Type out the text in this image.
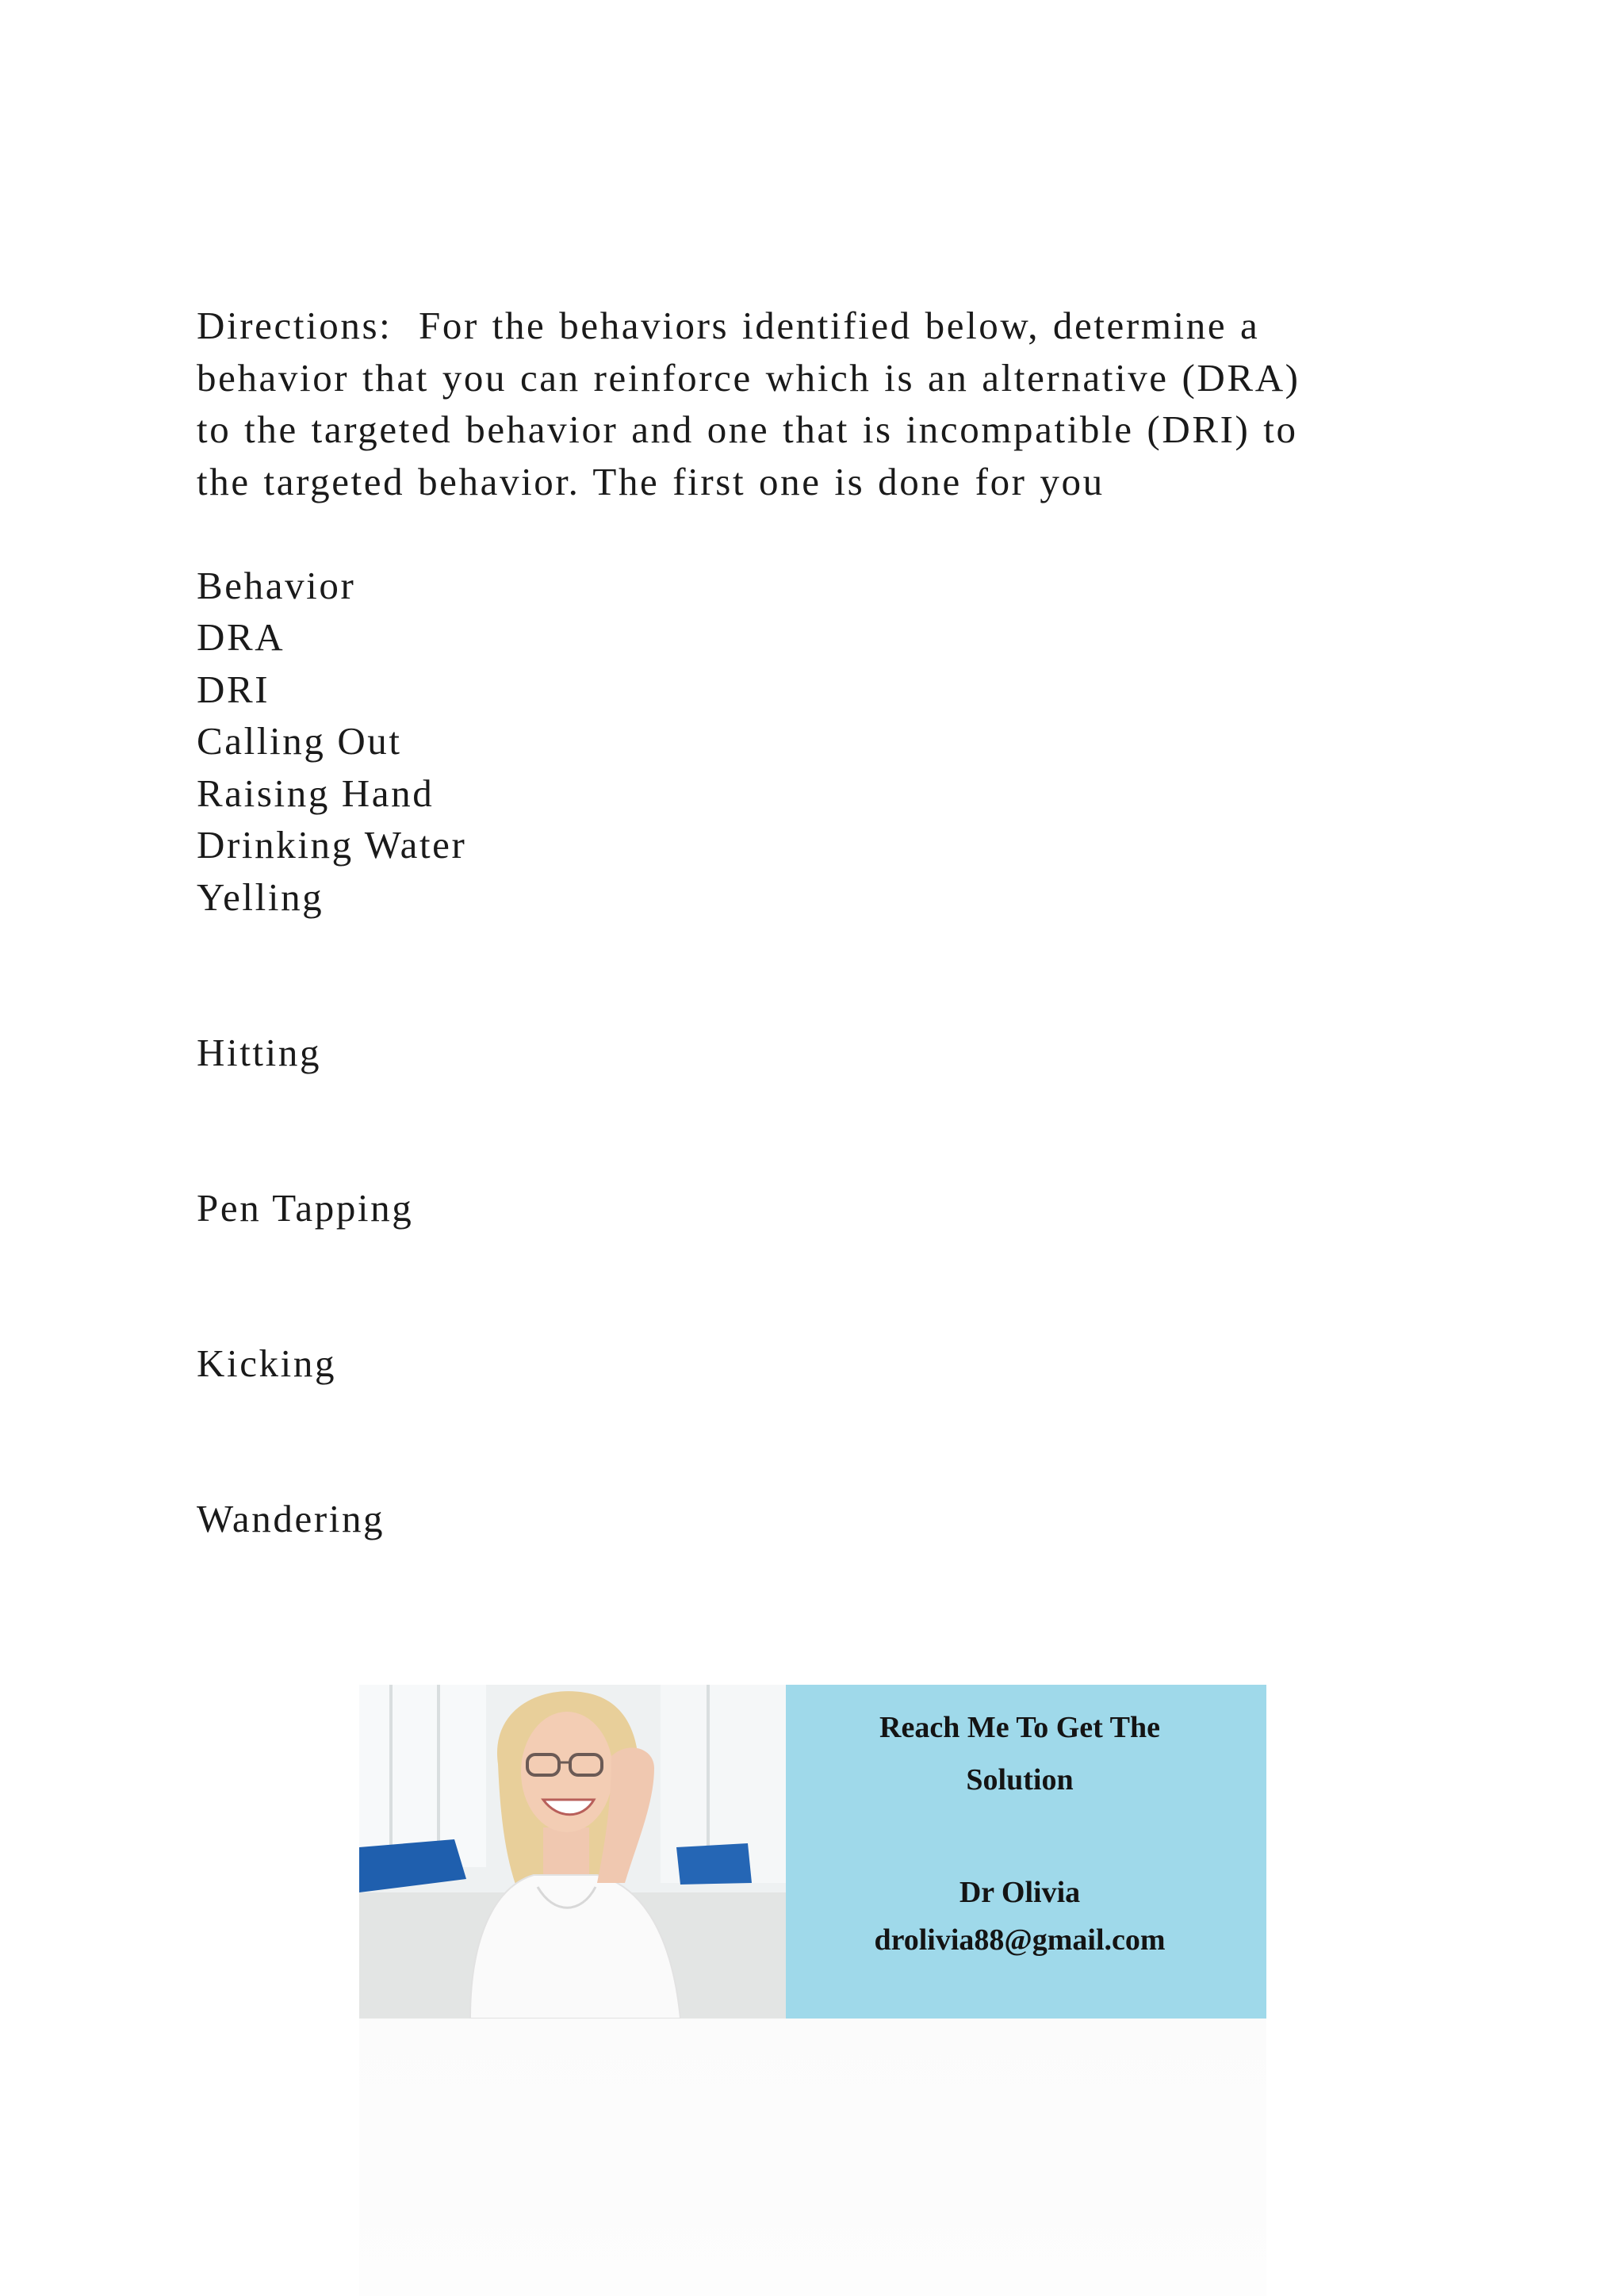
Directions:  For the behaviors identified below, determine a
behavior that you can reinforce which is an alternative (DRA)
to the targeted behavior and one that is incompatible (DRI) to
the targeted behavior. The first one is done for you

Behavior
DRA
DRI
Calling Out
Raising Hand
Drinking Water
Yelling
Hitting
Pen Tapping
Kicking
Wandering
Reach Me To Get The
Solution
Dr Olivia
drolivia88@gmail.com
